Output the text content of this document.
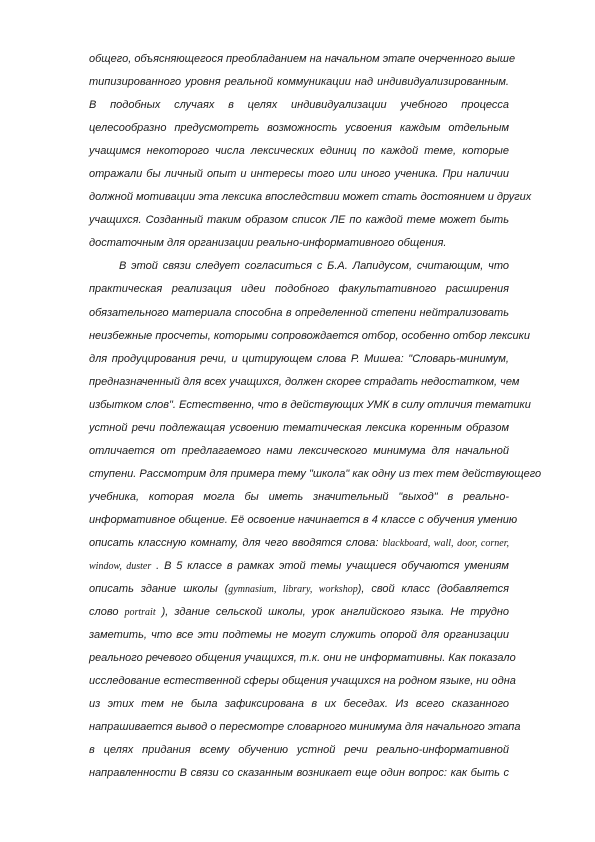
общего, объясняющегося преобладанием на начальном этапе очерченного выше
типизированного уровня реальной коммуникации над индивидуализированным.
В подобных случаях в целях индивидуализации учебного процесса
целесообразно предусмотреть возможность усвоения каждым отдельным
учащимся некоторого числа лексических единиц по каждой теме, которые
отражали бы личный опыт и интересы того или иного ученика. При наличии
должной мотивации эта лексика впоследствии может стать достоянием и других
учащихся. Созданный таким образом список ЛЕ по каждой теме может быть
достаточным для организации реально-информативного общения.
В этой связи следует согласиться с Б.А. Лапидусом, считающим, что
практическая реализация идеи подобного факультативного расширения
обязательного материала способна в определенной степени нейтрализовать
неизбежные просчеты, которыми сопровождается отбор, особенно отбор лексики
для продуцирования речи, и цитирующем слова Р. Мишеа: "Словарь-минимум,
предназначенный для всех учащихся, должен скорее страдать недостатком, чем
избытком слов". Естественно, что в действующих УМК в силу отличия тематики
устной речи подлежащая усвоению тематическая лексика коренным образом
отличается от предлагаемого нами лексического минимума для начальной
ступени. Рассмотрим для примера тему "школа" как одну из тех тем действующего
учебника, которая могла бы иметь значительный "выход" в реально-
информативное общение. Её освоение начинается в 4 классе с обучения умению
описать классную комнату, для чего вводятся слова: blackboard, wall, door, corner,
window, duster . В 5 классе в рамках этой темы учащиеся обучаются умениям
описать здание школы (gymnasium, library, workshop), свой класс (добавляется
слово portrait ), здание сельской школы, урок английского языка. Не трудно
заметить, что все эти подтемы не могут служить опорой для организации
реального речевого общения учащихся, т.к. они не информативны. Как показало
исследование естественной сферы общения учащихся на родном языке, ни одна
из этих тем не была зафиксирована в их беседах. Из всего сказанного
напрашивается вывод о пересмотре словарного минимума для начального этапа
в целях придания всему обучению устной речи реально-информативной
направленности В связи со сказанным возникает еще один вопрос: как быть с
